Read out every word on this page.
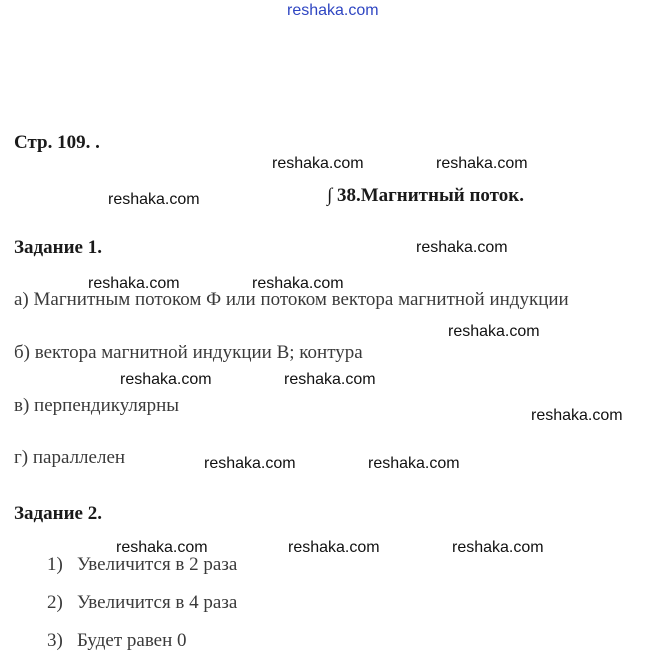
reshaka.com
Стр. 109. .
∫ 38.Магнитный поток.
Задание 1.
а) Магнитным потоком Ф или потоком вектора магнитной индукции
б) вектора магнитной индукции В; контура
в) перпендикулярны
г) параллелен
Задание 2.
1) Увеличится в 2 раза
2) Увеличится в 4 раза
3) Будет равен 0
reshaka.com	reshaka.com
reshaka.com
reshaka.com
reshaka.com	reshaka.com
reshaka.com
reshaka.com	reshaka.com
reshaka.com
reshaka.com	reshaka.com
reshaka.com	reshaka.com	reshaka.com
